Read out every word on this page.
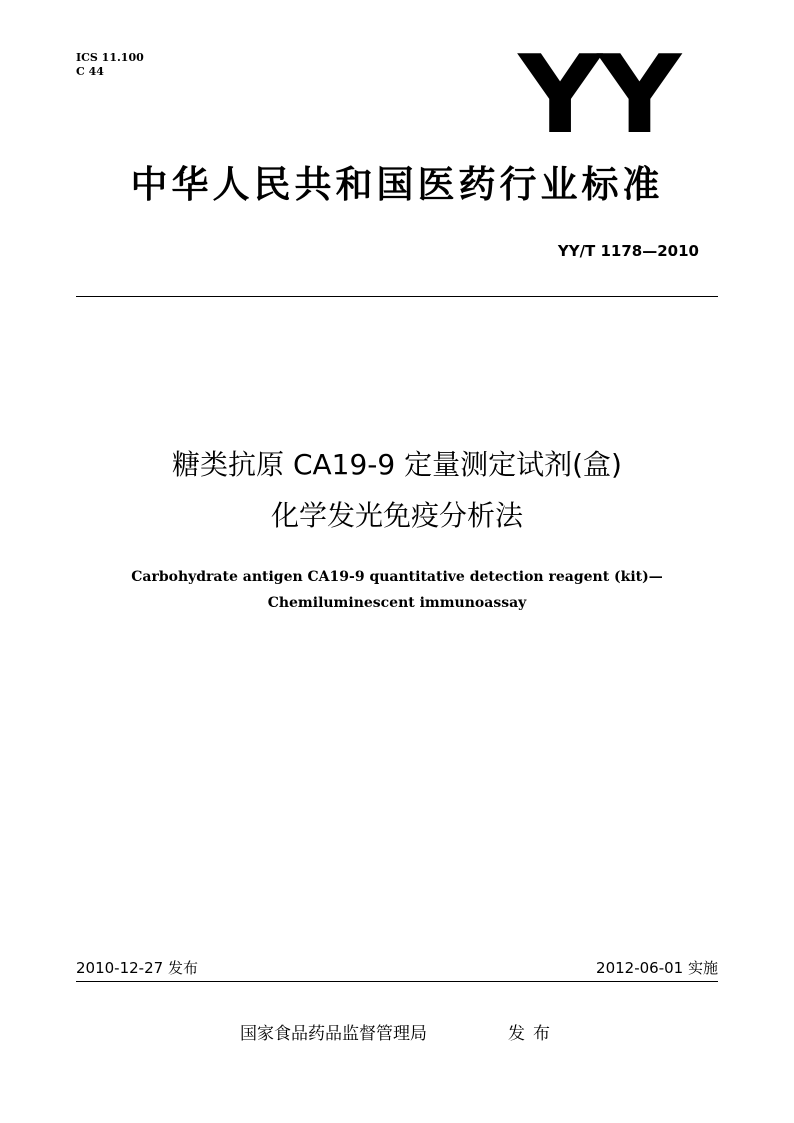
ICS 11.100
C 44	YY
中华人民共和国医药行业标准
YY/T 1178—2010
糖类抗原 CA19-9 定量测定试剂(盒)
化学发光免疫分析法
Carbohydrate antigen CA19-9 quantitative detection reagent (kit)—
Chemiluminescent immunoassay
2010-12-27 发布	2012-06-01 实施
国家食品药品监督管理局	发布
